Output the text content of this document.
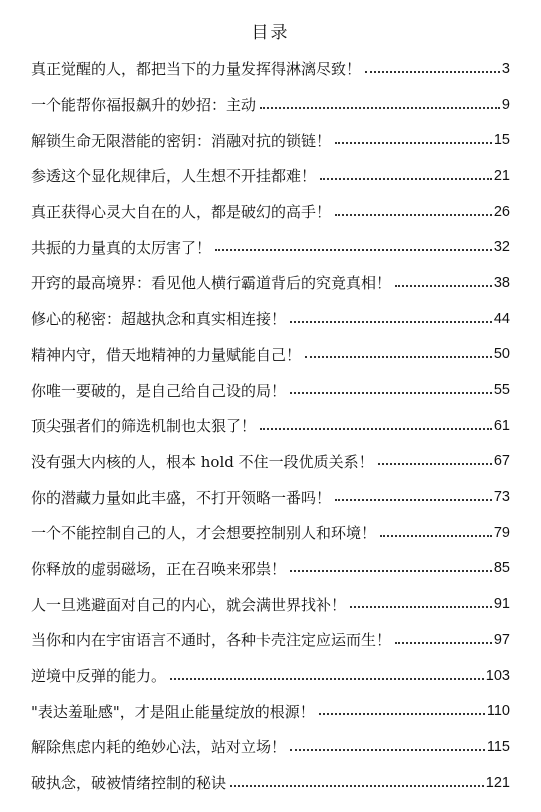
目录
真正觉醒的人，都把当下的力量发挥得淋漓尽致！	3
一个能帮你福报飙升的妙招：主动	9
解锁生命无限潜能的密钥：消融对抗的锁链！	15
参透这个显化规律后，人生想不开挂都难！	21
真正获得心灵大自在的人，都是破幻的高手！	26
共振的力量真的太厉害了！	32
开窍的最高境界：看见他人横行霸道背后的究竟真相！	38
修心的秘密：超越执念和真实相连接！	44
精神内守，借天地精神的力量赋能自己！	50
你唯一要破的，是自己给自己设的局！	55
顶尖强者们的筛选机制也太狠了！	61
没有强大内核的人，根本 hold 不住一段优质关系！	67
你的潜藏力量如此丰盛，不打开领略一番吗！	73
一个不能控制自己的人，才会想要控制别人和环境！	79
你释放的虚弱磁场，正在召唤来邪祟！	85
人一旦逃避面对自己的内心，就会满世界找补！	91
当你和内在宇宙语言不通时，各种卡壳注定应运而生！	97
逆境中反弹的能力。	103
"表达羞耻感"，才是阻止能量绽放的根源！	110
解除焦虑内耗的绝妙心法，站对立场！	115
破执念，破被情绪控制的秘诀	121
